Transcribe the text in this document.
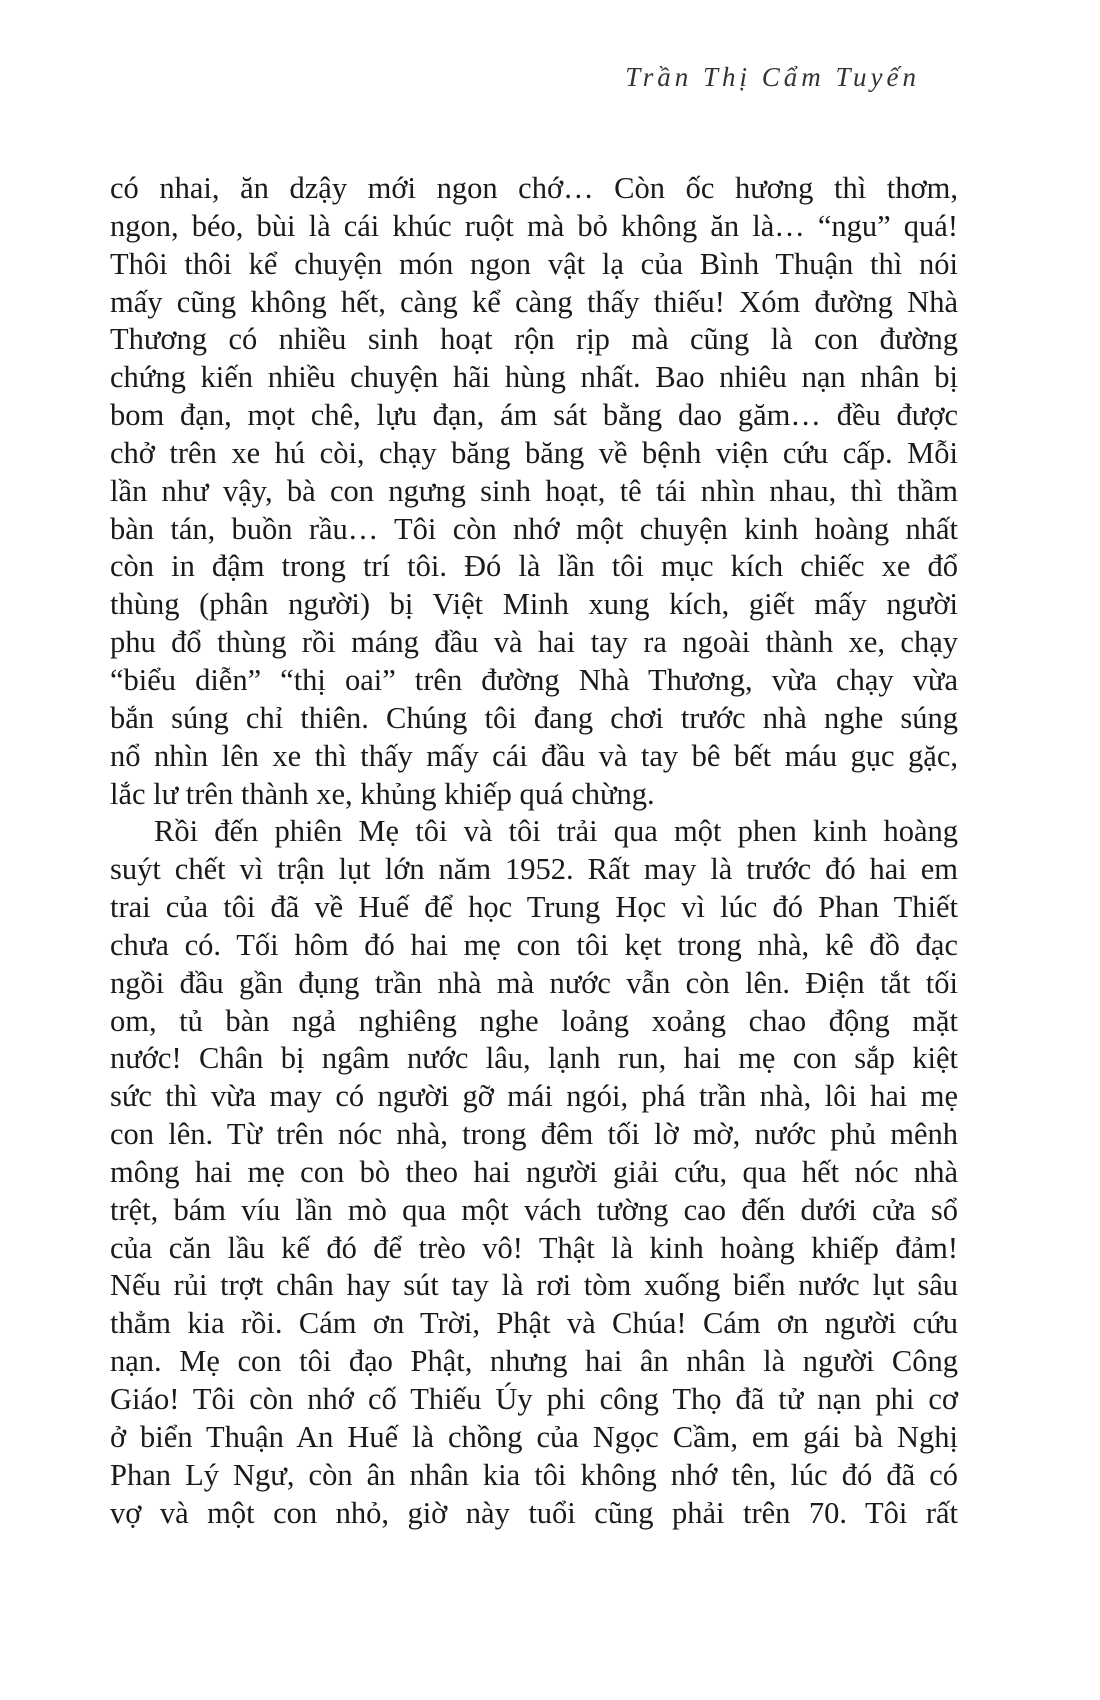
Trần Thị Cẩm Tuyến
có nhai, ăn dzậy mới ngon chớ… Còn ốc hương thì thơm,
ngon, béo, bùi là cái khúc ruột mà bỏ không ăn là… “ngu” quá!
Thôi thôi kể chuyện món ngon vật lạ của Bình Thuận thì nói
mấy cũng không hết, càng kể càng thấy thiếu! Xóm đường Nhà
Thương có nhiều sinh hoạt rộn rịp mà cũng là con đường
chứng kiến nhiều chuyện hãi hùng nhất. Bao nhiêu nạn nhân bị
bom đạn, mọt chê, lựu đạn, ám sát bằng dao găm… đều được
chở trên xe hú còi, chạy băng băng về bệnh viện cứu cấp. Mỗi
lần như vậy, bà con ngưng sinh hoạt, tê tái nhìn nhau, thì thầm
bàn tán, buồn rầu… Tôi còn nhớ một chuyện kinh hoàng nhất
còn in đậm trong trí tôi. Đó là lần tôi mục kích chiếc xe đổ
thùng (phân người) bị Việt Minh xung kích, giết mấy người
phu đổ thùng rồi máng đầu và hai tay ra ngoài thành xe, chạy
“biểu diễn” “thị oai” trên đường Nhà Thương, vừa chạy vừa
bắn súng chỉ thiên. Chúng tôi đang chơi trước nhà nghe súng
nổ nhìn lên xe thì thấy mấy cái đầu và tay bê bết máu gục gặc,
lắc lư trên thành xe, khủng khiếp quá chừng.
Rồi đến phiên Mẹ tôi và tôi trải qua một phen kinh hoàng
suýt chết vì trận lụt lớn năm 1952. Rất may là trước đó hai em
trai của tôi đã về Huế để học Trung Học vì lúc đó Phan Thiết
chưa có. Tối hôm đó hai mẹ con tôi kẹt trong nhà, kê đồ đạc
ngồi đầu gần đụng trần nhà mà nước vẫn còn lên. Điện tắt tối
om, tủ bàn ngả nghiêng nghe loảng xoảng chao động mặt
nước! Chân bị ngâm nước lâu, lạnh run, hai mẹ con sắp kiệt
sức thì vừa may có người gỡ mái ngói, phá trần nhà, lôi hai mẹ
con lên. Từ trên nóc nhà, trong đêm tối lờ mờ, nước phủ mênh
mông hai mẹ con bò theo hai người giải cứu, qua hết nóc nhà
trệt, bám víu lần mò qua một vách tường cao đến dưới cửa sổ
của căn lầu kế đó để trèo vô! Thật là kinh hoàng khiếp đảm!
Nếu rủi trợt chân hay sút tay là rơi tòm xuống biển nước lụt sâu
thẳm kia rồi. Cám ơn Trời, Phật và Chúa! Cám ơn người cứu
nạn. Mẹ con tôi đạo Phật, nhưng hai ân nhân là người Công
Giáo! Tôi còn nhớ cố Thiếu Úy phi công Thọ đã tử nạn phi cơ
ở biển Thuận An Huế là chồng của Ngọc Cầm, em gái bà Nghị
Phan Lý Ngư, còn ân nhân kia tôi không nhớ tên, lúc đó đã có
vợ và một con nhỏ, giờ này tuổi cũng phải trên 70. Tôi rất
